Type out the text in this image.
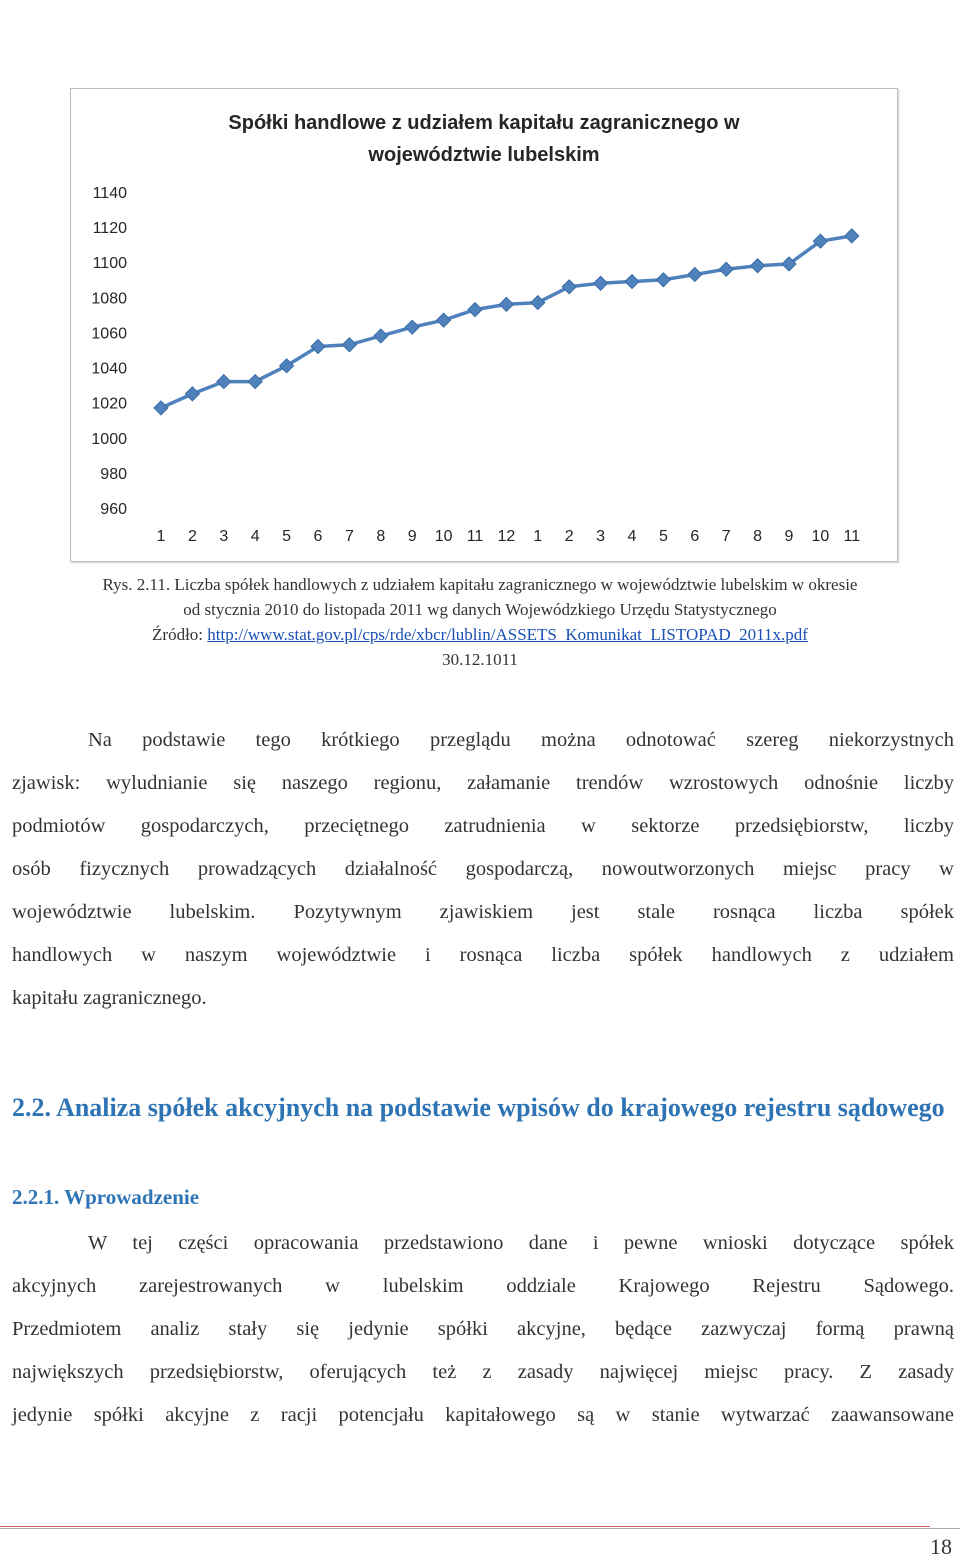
Spółki handlowe z udziałem kapitału zagranicznego w
województwie lubelskim
1140
1120
1100
1080
1060
1040
1020
1000
980
960
1 2 3 4 5 6 7 8 9 10 11 12 1 2 3 4 5 6 7 8 9 10 11
Rys. 2.11. Liczba spółek handlowych z udziałem kapitału zagranicznego w województwie lubelskim w okresie
od stycznia 2010 do listopada 2011 wg danych Wojewódzkiego Urzędu Statystycznego
Źródło: http://www.stat.gov.pl/cps/rde/xbcr/lublin/ASSETS_Komunikat_LISTOPAD_2011x.pdf
30.12.1011
Na podstawie tego krótkiego przeglądu można odnotować szereg niekorzystnych
zjawisk: wyludnianie się naszego regionu, załamanie trendów wzrostowych odnośnie liczby
podmiotów gospodarczych, przeciętnego zatrudnienia w sektorze przedsiębiorstw, liczby
osób fizycznych prowadzących działalność gospodarczą, nowoutworzonych miejsc pracy w
województwie lubelskim. Pozytywnym zjawiskiem jest stale rosnąca liczba spółek
handlowych w naszym województwie i rosnąca liczba spółek handlowych z udziałem
kapitału zagranicznego.
2.2. Analiza spółek akcyjnych na podstawie wpisów do krajowego rejestru sądowego
2.2.1. Wprowadzenie
W tej części opracowania przedstawiono dane i pewne wnioski dotyczące spółek
akcyjnych zarejestrowanych w lubelskim oddziale Krajowego Rejestru Sądowego.
Przedmiotem analiz stały się jedynie spółki akcyjne, będące zazwyczaj formą prawną
największych przedsiębiorstw, oferujących też z zasady najwięcej miejsc pracy. Z zasady
jedynie spółki akcyjne z racji potencjału kapitałowego są w stanie wytwarzać zaawansowane
18
